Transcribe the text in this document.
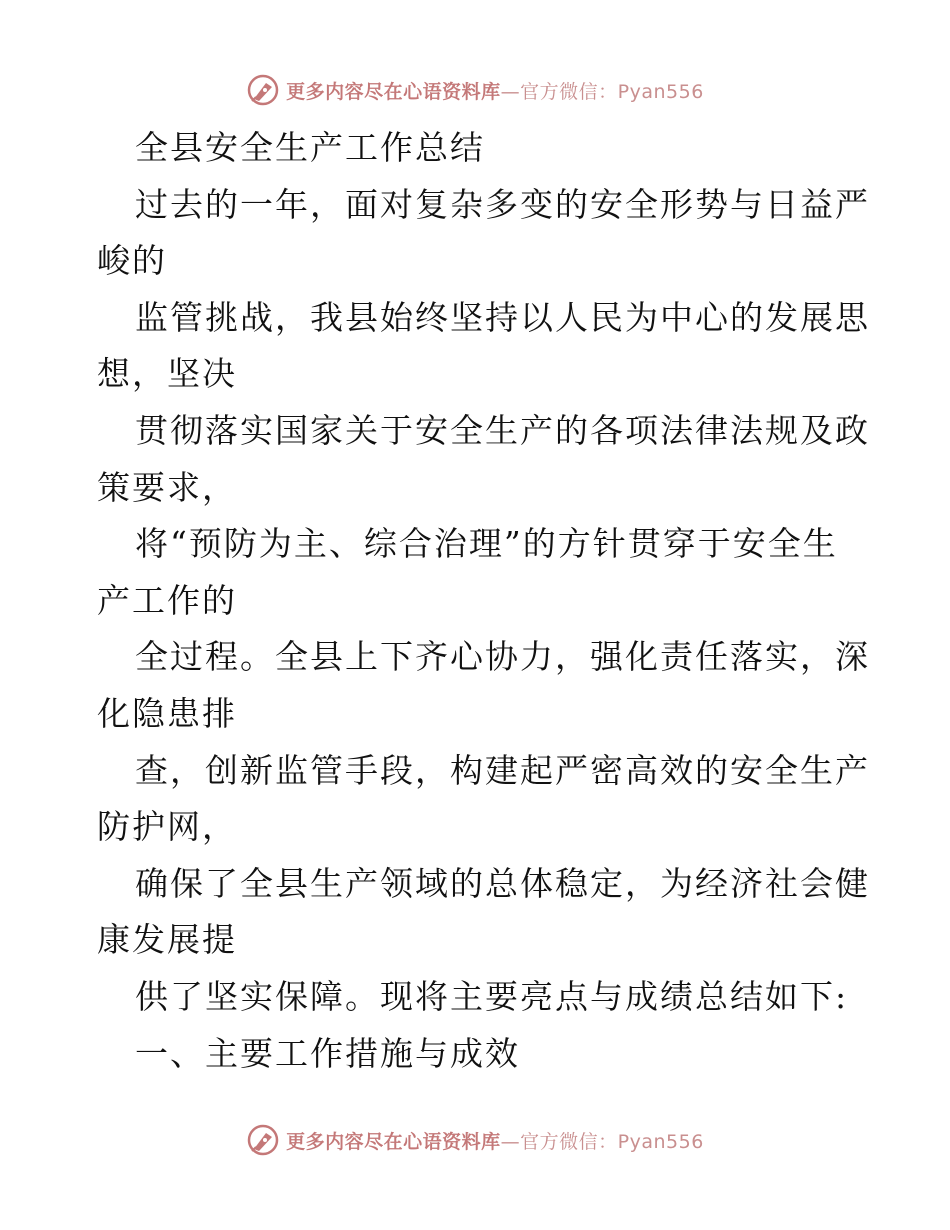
更多内容尽在心语资料库—官方微信：Pyan556
全县安全生产工作总结
过去的一年，面对复杂多变的安全形势与日益严
峻的
监管挑战，我县始终坚持以人民为中心的发展思
想，坚决
贯彻落实国家关于安全生产的各项法律法规及政
策要求，
将“预防为主、综合治理”的方针贯穿于安全生
产工作的
全过程。全县上下齐心协力，强化责任落实，深
化隐患排
查，创新监管手段，构建起严密高效的安全生产
防护网，
确保了全县生产领域的总体稳定，为经济社会健
康发展提
供了坚实保障。现将主要亮点与成绩总结如下:
一、主要工作措施与成效
更多内容尽在心语资料库—官方微信：Pyan556
